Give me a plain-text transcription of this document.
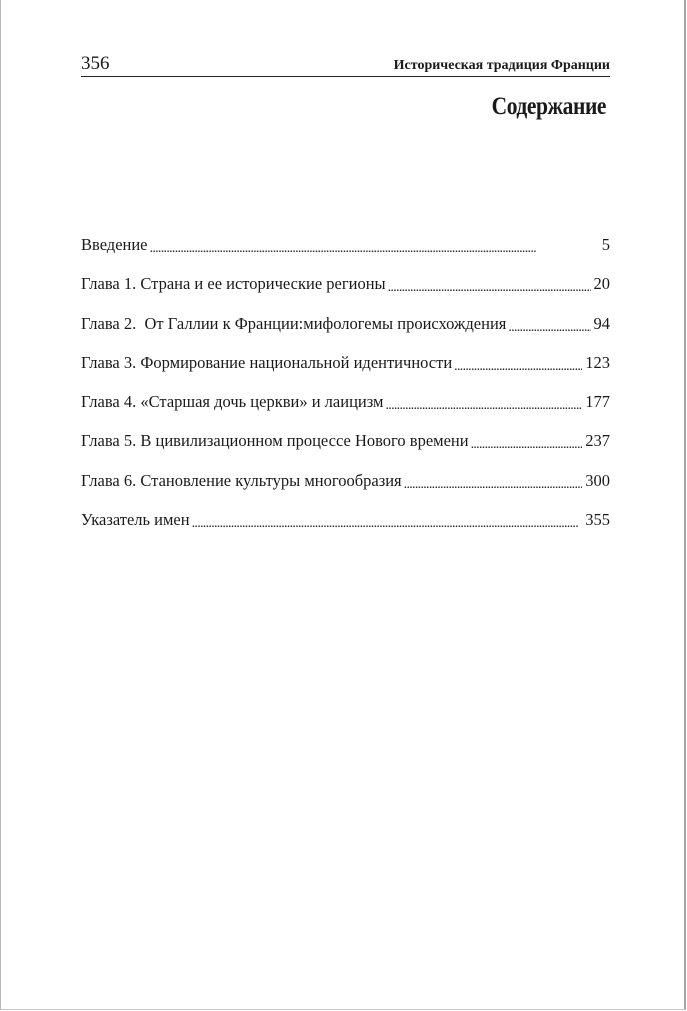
356	Историческая традиция Франции
Содержание
Введение . . .	5
Глава 1. Страна и ее исторические регионы . . .	20
Глава 2.  От Галлии к Франции:мифологемы происхождения . . .	94
Глава 3. Формирование национальной идентичности . . .	123
Глава 4. «Старшая дочь церкви» и лаицизм . . .	177
Глава 5. В цивилизационном процессе Нового времени . . .	237
Глава 6. Становление культуры многообразия . . .	300
Указатель имен . . .	355
